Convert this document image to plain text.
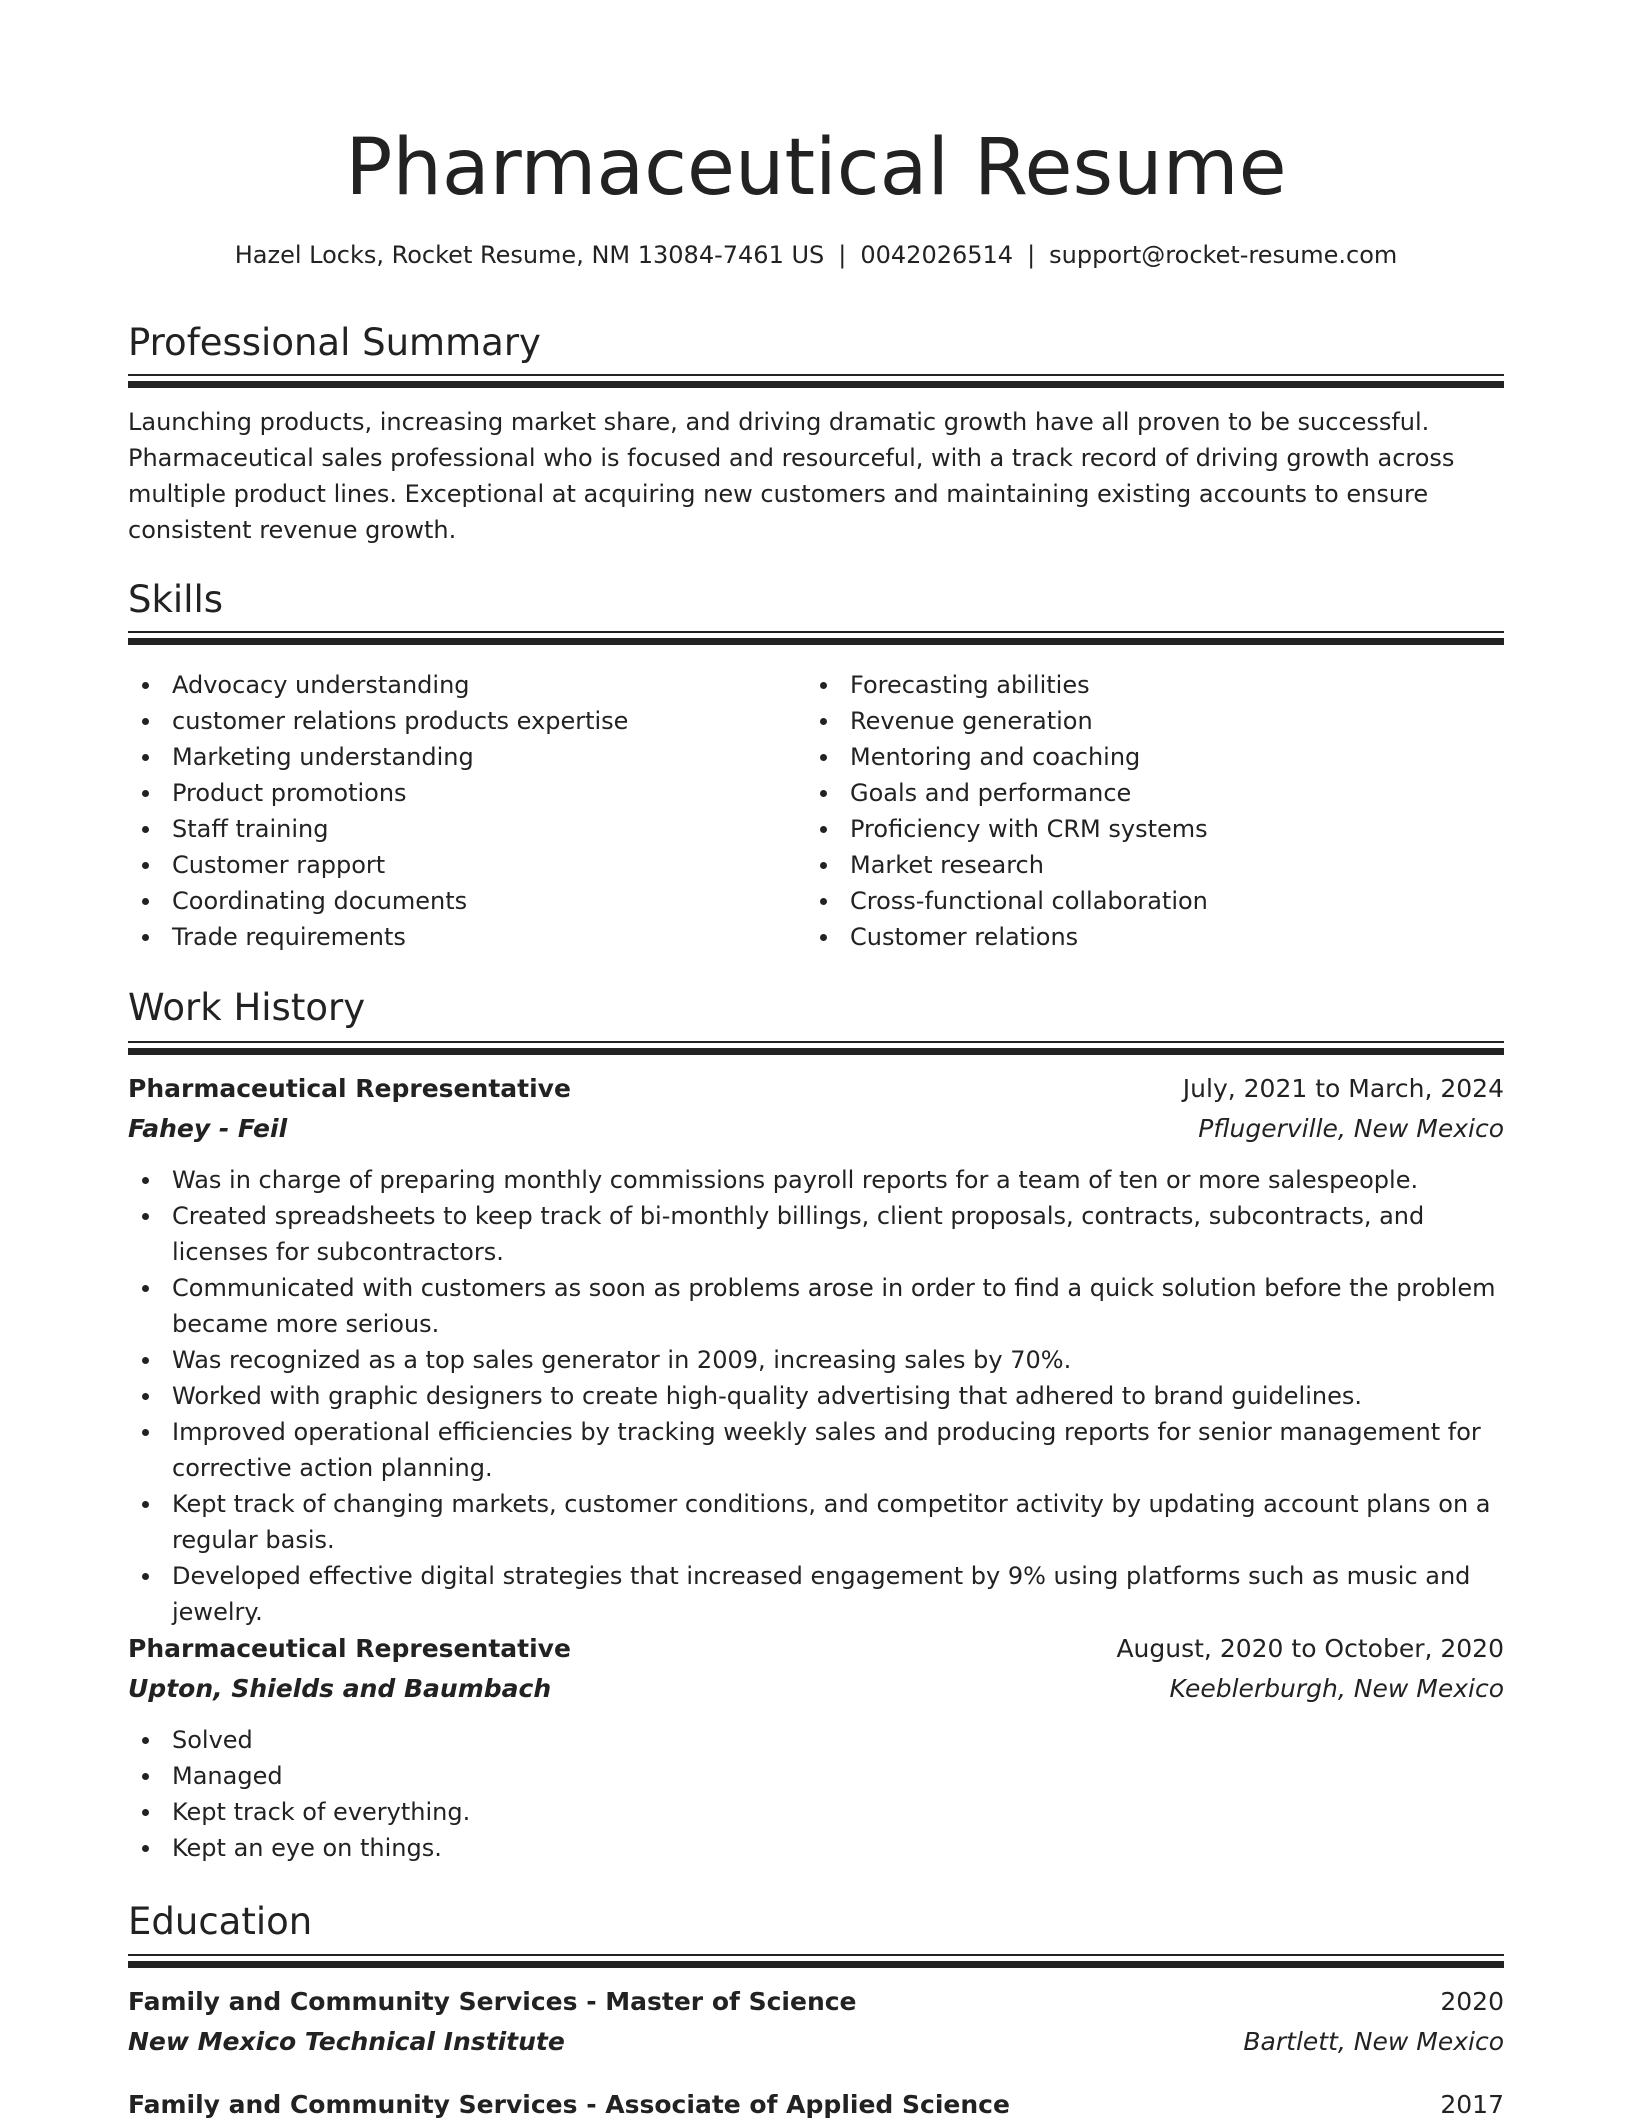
Pharmaceutical Resume
Hazel Locks, Rocket Resume, NM 13084-7461 US | 0042026514 | support@rocket-resume.com
Professional Summary
Launching products, increasing market share, and driving dramatic growth have all proven to be successful. Pharmaceutical sales professional who is focused and resourceful, with a track record of driving growth across multiple product lines. Exceptional at acquiring new customers and maintaining existing accounts to ensure consistent revenue growth.
Skills
Advocacy understanding
customer relations products expertise
Marketing understanding
Product promotions
Staff training
Customer rapport
Coordinating documents
Trade requirements
Forecasting abilities
Revenue generation
Mentoring and coaching
Goals and performance
Proficiency with CRM systems
Market research
Cross-functional collaboration
Customer relations
Work History
Pharmaceutical Representative	July, 2021 to March, 2024
Fahey - Feil	Pflugerville, New Mexico
Was in charge of preparing monthly commissions payroll reports for a team of ten or more salespeople.
Created spreadsheets to keep track of bi-monthly billings, client proposals, contracts, subcontracts, and licenses for subcontractors.
Communicated with customers as soon as problems arose in order to find a quick solution before the problem became more serious.
Was recognized as a top sales generator in 2009, increasing sales by 70%.
Worked with graphic designers to create high-quality advertising that adhered to brand guidelines.
Improved operational efficiencies by tracking weekly sales and producing reports for senior management for corrective action planning.
Kept track of changing markets, customer conditions, and competitor activity by updating account plans on a regular basis.
Developed effective digital strategies that increased engagement by 9% using platforms such as music and jewelry.
Pharmaceutical Representative	August, 2020 to October, 2020
Upton, Shields and Baumbach	Keeblerburgh, New Mexico
Solved
Managed
Kept track of everything.
Kept an eye on things.
Education
Family and Community Services - Master of Science	2020
New Mexico Technical Institute	Bartlett, New Mexico
Family and Community Services - Associate of Applied Science	2017
